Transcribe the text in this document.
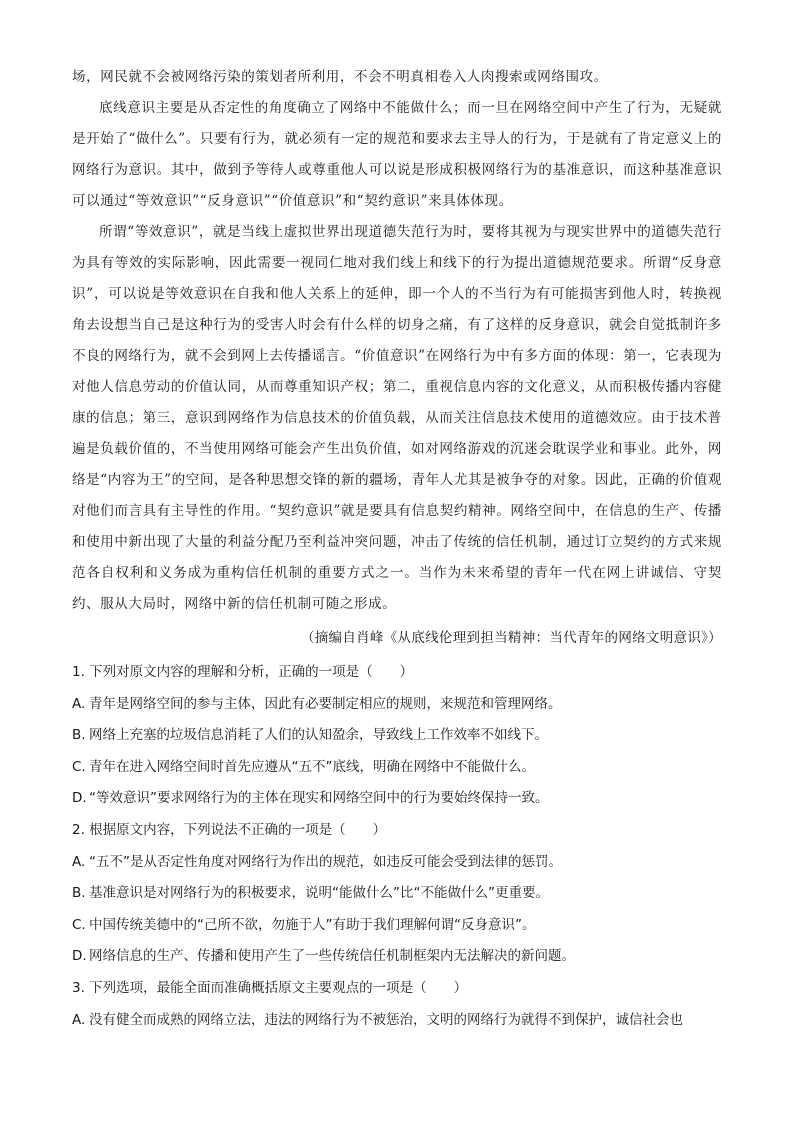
场，网民就不会被网络污染的策划者所利用，不会不明真相卷入人肉搜索或网络围攻。

底线意识主要是从否定性的角度确立了网络中不能做什么；而一旦在网络空间中产生了行为，无疑就是开始了“做什么”。只要有行为，就必须有一定的规范和要求去主导人的行为，于是就有了肯定意义上的网络行为意识。其中，做到予等待人或尊重他人可以说是形成积极网络行为的基准意识，而这种基准意识可以通过“等效意识”“反身意识”“价值意识”和“契约意识”来具体体现。

所谓“等效意识”，就是当线上虚拟世界出现道德失范行为时，要将其视为与现实世界中的道德失范行为具有等效的实际影响，因此需要一视同仁地对我们线上和线下的行为提出道德规范要求。所谓“反身意识”，可以说是等效意识在自我和他人关系上的延伸，即一个人的不当行为有可能损害到他人时，转换视角去设想当自己是这种行为的受害人时会有什么样的切身之痛，有了这样的反身意识，就会自觉抵制许多不良的网络行为，就不会到网上去传播谣言。“价值意识”在网络行为中有多方面的体现：第一，它表现为对他人信息劳动的价值认同，从而尊重知识产权；第二，重视信息内容的文化意义，从而积极传播内容健康的信息；第三，意识到网络作为信息技术的价值负载，从而关注信息技术使用的道德效应。由于技术普遍是负载价值的，不当使用网络可能会产生出负价值，如对网络游戏的沉迷会耽误学业和事业。此外，网络是“内容为王”的空间，是各种思想交锋的新的疆场，青年人尤其是被争夺的对象。因此，正确的价值观对他们而言具有主导性的作用。“契约意识”就是要具有信息契约精神。网络空间中，在信息的生产、传播和使用中新出现了大量的利益分配乃至利益冲突问题，冲击了传统的信任机制，通过订立契约的方式来规范各自权利和义务成为重构信任机制的重要方式之一。当作为未来希望的青年一代在网上讲诚信、守契约、服从大局时，网络中新的信任机制可随之形成。

（摘编自肖峰《从底线伦理到担当精神：当代青年的网络文明意识》）
1. 下列对原文内容的理解和分析，正确的一项是（　　）
A. 青年是网络空间的参与主体，因此有必要制定相应的规则，来规范和管理网络。
B. 网络上充塞的垃圾信息消耗了人们的认知盈余，导致线上工作效率不如线下。
C. 青年在进入网络空间时首先应遵从“五不”底线，明确在网络中不能做什么。
D. “等效意识”要求网络行为的主体在现实和网络空间中的行为要始终保持一致。
2. 根据原文内容，下列说法不正确的一项是（　　）
A. “五不”是从否定性角度对网络行为作出的规范，如违反可能会受到法律的惩罚。
B. 基准意识是对网络行为的积极要求，说明“能做什么”比“不能做什么”更重要。
C. 中国传统美德中的“己所不欲，勿施于人”有助于我们理解何谓“反身意识”。
D. 网络信息的生产、传播和使用产生了一些传统信任机制框架内无法解决的新问题。
3. 下列选项，最能全面而准确概括原文主要观点的一项是（　　）
A. 没有健全而成熟的网络立法，违法的网络行为不被惩治，文明的网络行为就得不到保护，诚信社会也
